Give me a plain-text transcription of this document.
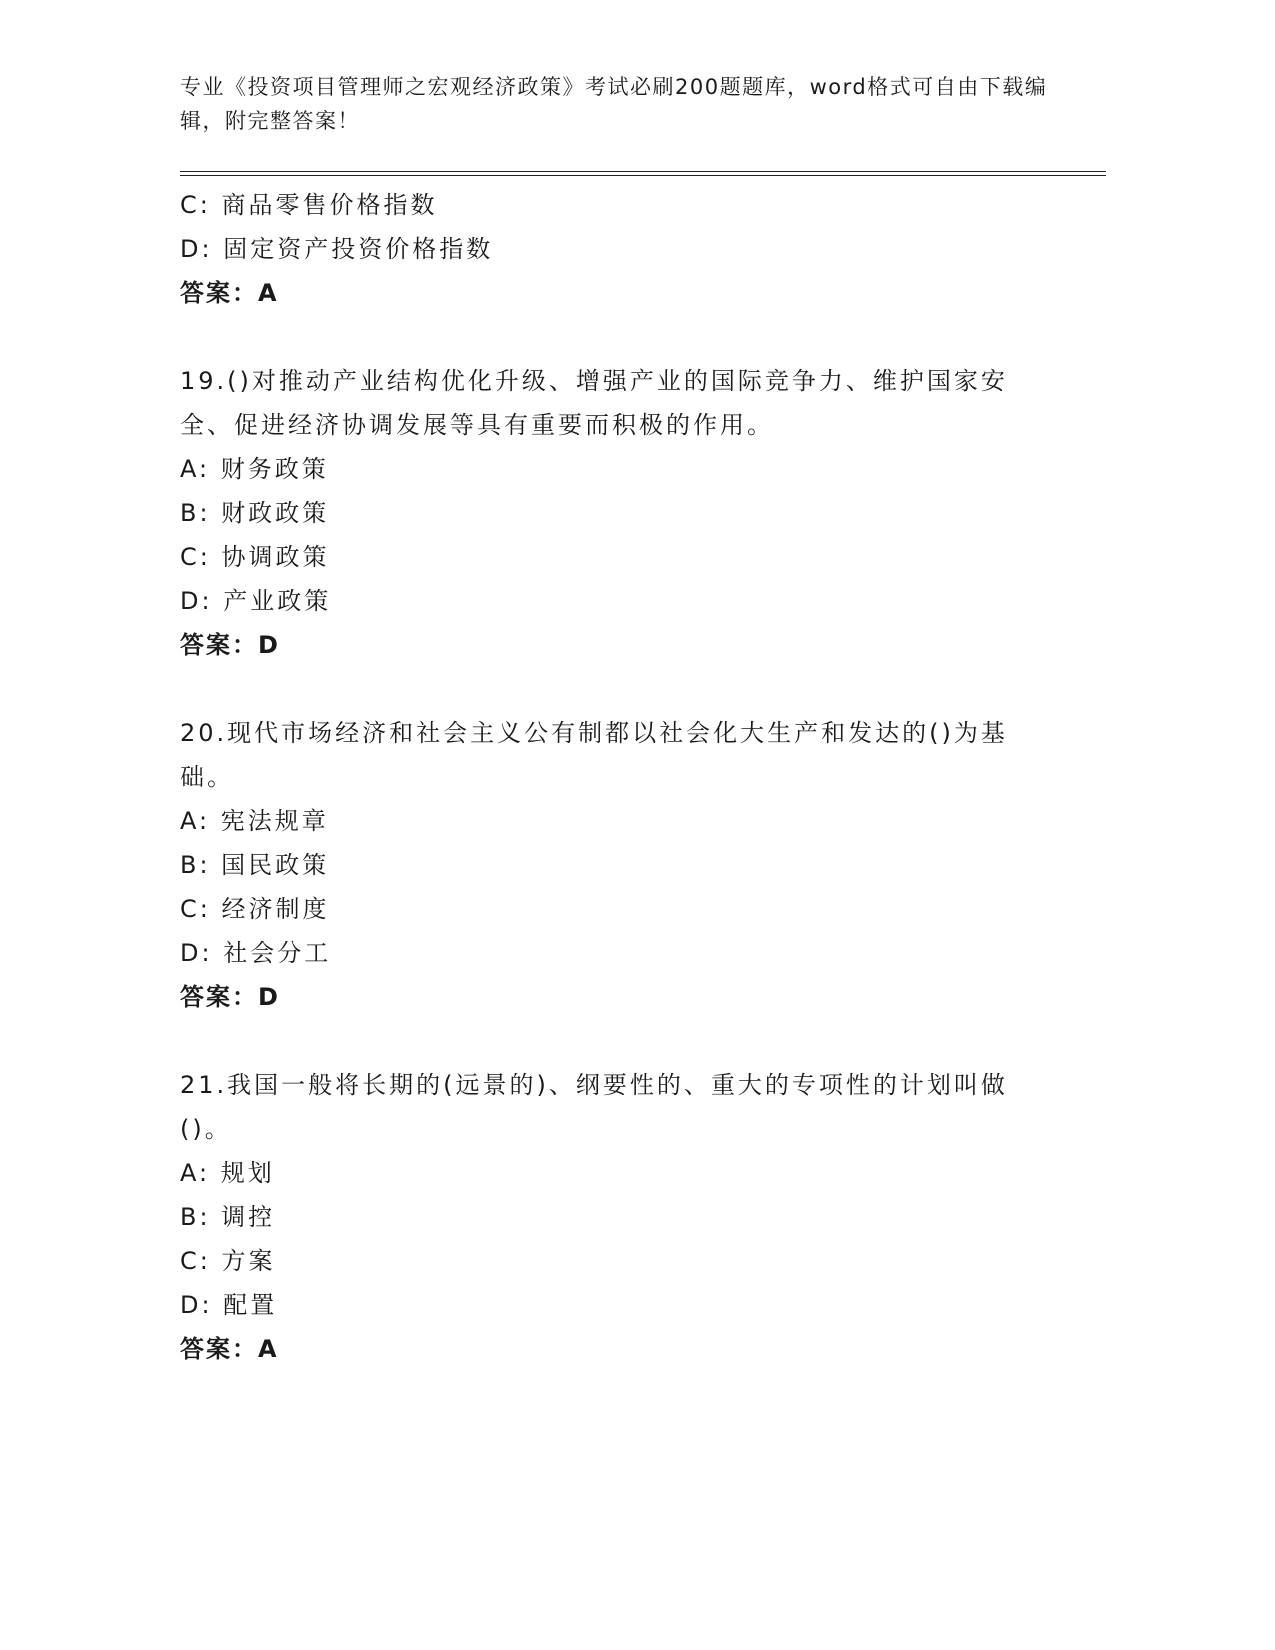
专业《投资项目管理师之宏观经济政策》考试必刷200题题库，word格式可自由下载编辑，附完整答案！
C: 商品零售价格指数
D: 固定资产投资价格指数
答案：A
19.()对推动产业结构优化升级、增强产业的国际竞争力、维护国家安全、促进经济协调发展等具有重要而积极的作用。
A: 财务政策
B: 财政政策
C: 协调政策
D: 产业政策
答案：D
20.现代市场经济和社会主义公有制都以社会化大生产和发达的()为基础。
A: 宪法规章
B: 国民政策
C: 经济制度
D: 社会分工
答案：D
21.我国一般将长期的(远景的)、纲要性的、重大的专项性的计划叫做()。
A: 规划
B: 调控
C: 方案
D: 配置
答案：A
